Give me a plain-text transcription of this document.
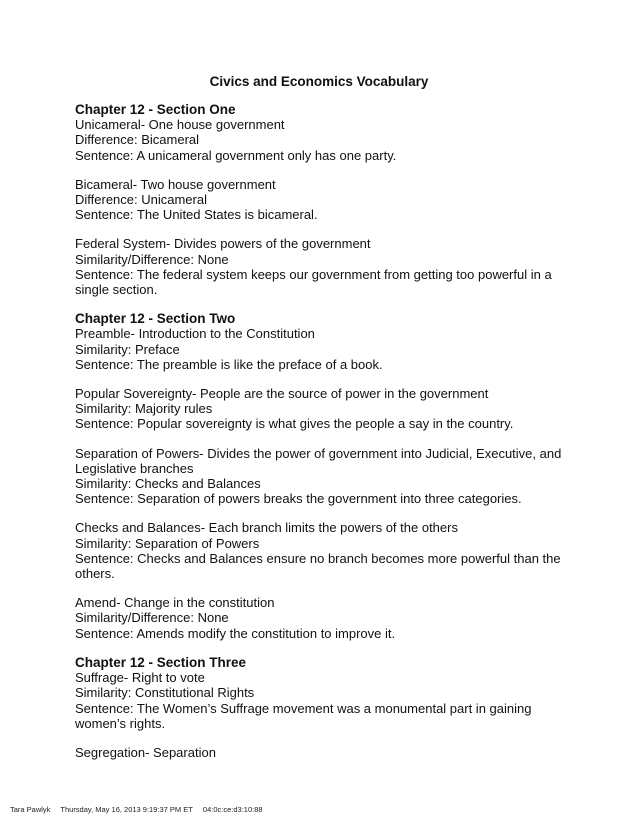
Civics and Economics Vocabulary
Chapter 12 - Section One
Unicameral- One house government
Difference: Bicameral
Sentence: A unicameral government only has one party.
Bicameral- Two house government
Difference: Unicameral
Sentence: The United States is bicameral.
Federal System- Divides powers of the government
Similarity/Difference: None
Sentence: The federal system keeps our government from getting too powerful in a
single section.
Chapter 12 - Section Two
Preamble- Introduction to the Constitution
Similarity: Preface
Sentence: The preamble is like the preface of a book.
Popular Sovereignty- People are the source of power in the government
Similarity: Majority rules
Sentence: Popular sovereignty is what gives the people a say in the country.
Separation of Powers- Divides the power of government into Judicial, Executive, and
Legislative branches
Similarity: Checks and Balances
Sentence: Separation of powers breaks the government into three categories.
Checks and Balances- Each branch limits the powers of the others
Similarity: Separation of Powers
Sentence: Checks and Balances ensure no branch becomes more powerful than the
others.
Amend- Change in the constitution
Similarity/Difference: None
Sentence: Amends modify the constitution to improve it.
Chapter 12 - Section Three
Suffrage- Right to vote
Similarity: Constitutional Rights
Sentence: The Women’s Suffrage movement was a monumental part in gaining
women’s rights.
Segregation- Separation
Tara Pawlyk Thursday, May 16, 2013 9:19:37 PM ET 04:0c:ce:d3:10:88
